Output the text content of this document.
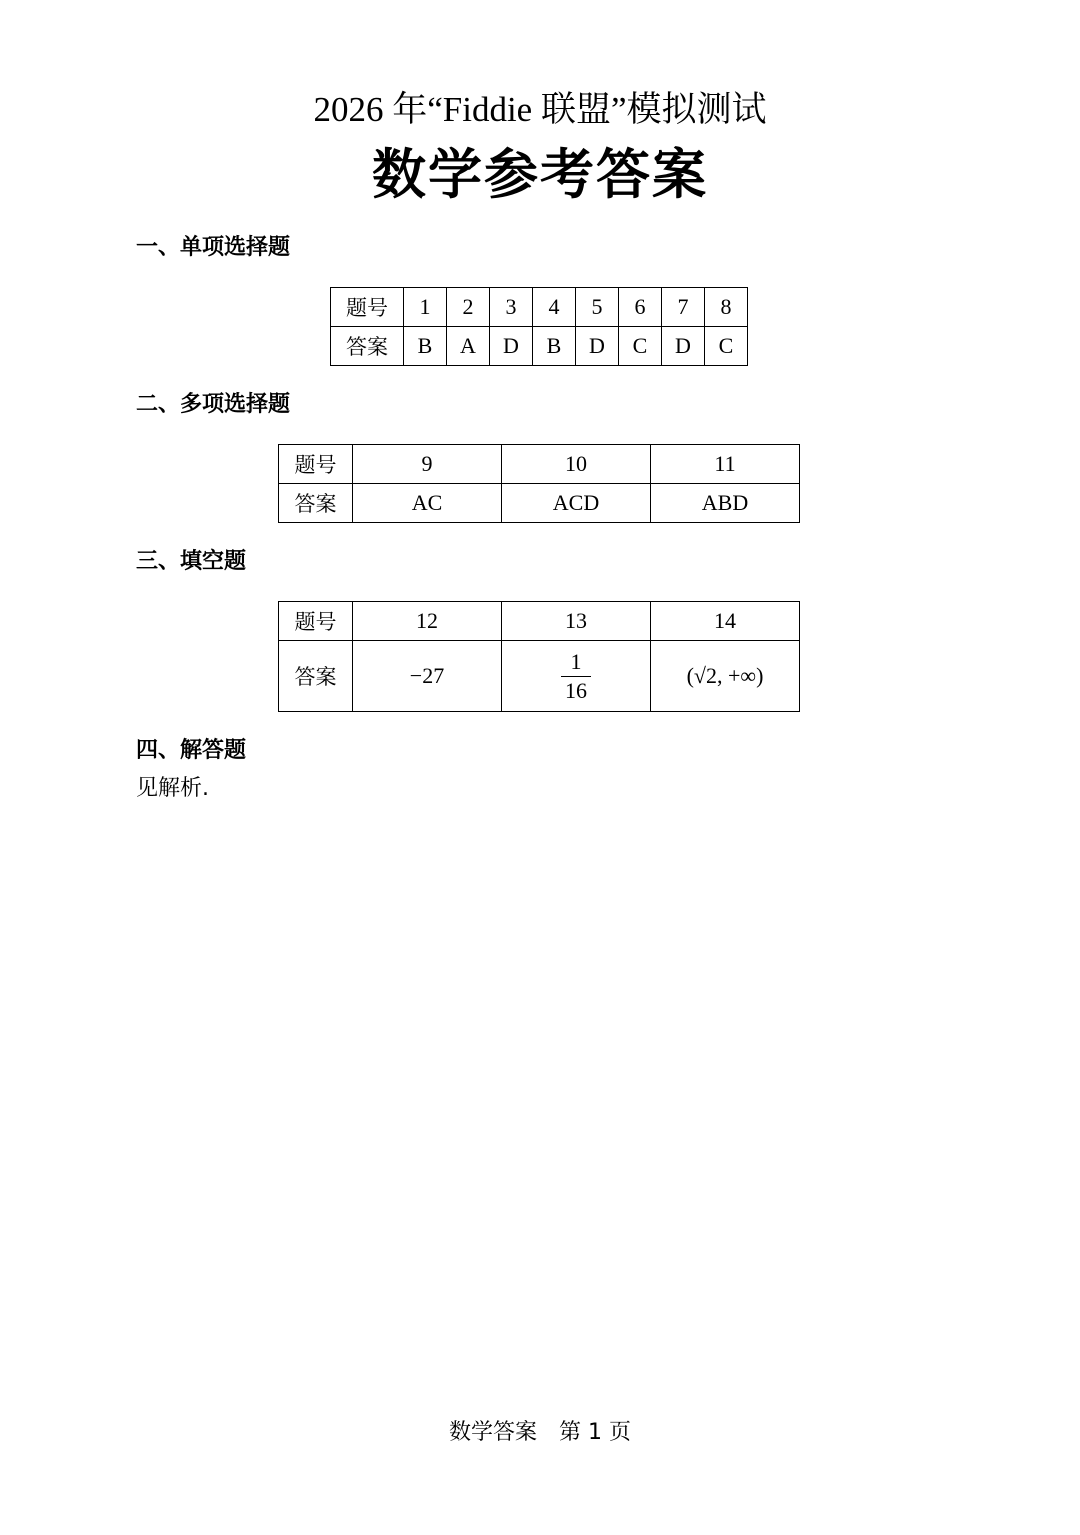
2026 年“Fiddie 联盟”模拟测试
数学参考答案
一、单项选择题
题号	1	2	3	4	5	6	7	8
答案	B	A	D	B	D	C	D	C
二、多项选择题
题号	9	10	11
答案	AC	ACD	ABD
三、填空题
题号	12	13	14
答案	−27	$\frac{1}{16}$	(√2, +∞)
四、解答题
见解析.
数学答案　第 1 页
